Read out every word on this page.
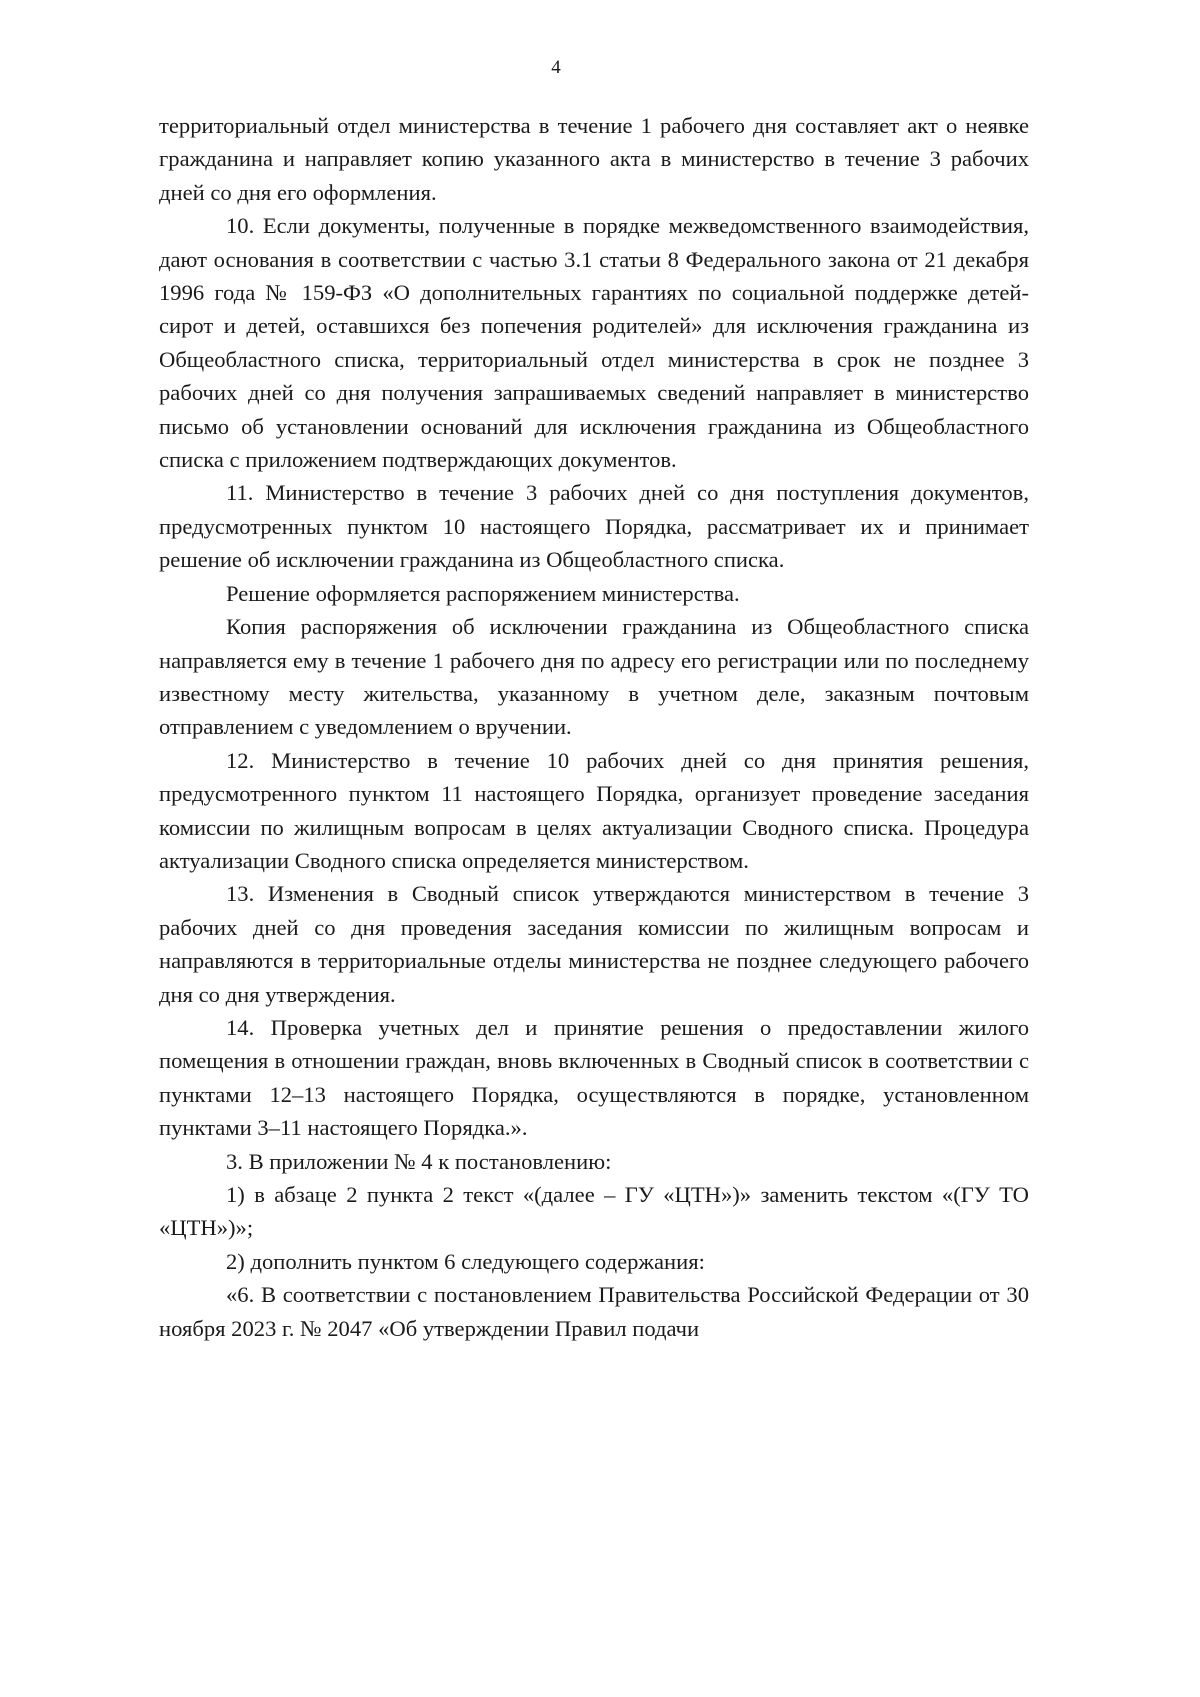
4

территориальный отдел министерства в течение 1 рабочего дня составляет акт о неявке гражданина и направляет копию указанного акта в министерство в течение 3 рабочих дней со дня его оформления.

10. Если документы, полученные в порядке межведомственного взаимодействия, дают основания в соответствии с частью 3.1 статьи 8 Федерального закона от 21 декабря 1996 года № 159-ФЗ «О дополнительных гарантиях по социальной поддержке детей-сирот и детей, оставшихся без попечения родителей» для исключения гражданина из Общеобластного списка, территориальный отдел министерства в срок не позднее 3 рабочих дней со дня получения запрашиваемых сведений направляет в министерство письмо об установлении оснований для исключения гражданина из Общеобластного списка с приложением подтверждающих документов.

11. Министерство в течение 3 рабочих дней со дня поступления документов, предусмотренных пунктом 10 настоящего Порядка, рассматривает их и принимает решение об исключении гражданина из Общеобластного списка.

Решение оформляется распоряжением министерства.

Копия распоряжения об исключении гражданина из Общеобластного списка направляется ему в течение 1 рабочего дня по адресу его регистрации или по последнему известному месту жительства, указанному в учетном деле, заказным почтовым отправлением с уведомлением о вручении.

12. Министерство в течение 10 рабочих дней со дня принятия решения, предусмотренного пунктом 11 настоящего Порядка, организует проведение заседания комиссии по жилищным вопросам в целях актуализации Сводного списка. Процедура актуализации Сводного списка определяется министерством.

13. Изменения в Сводный список утверждаются министерством в течение 3 рабочих дней со дня проведения заседания комиссии по жилищным вопросам и направляются в территориальные отделы министерства не позднее следующего рабочего дня со дня утверждения.

14. Проверка учетных дел и принятие решения о предоставлении жилого помещения в отношении граждан, вновь включенных в Сводный список в соответствии с пунктами 12–13 настоящего Порядка, осуществляются в порядке, установленном пунктами 3–11 настоящего Порядка.».

3. В приложении № 4 к постановлению:

1) в абзаце 2 пункта 2 текст «(далее – ГУ «ЦТН»)» заменить текстом «(ГУ ТО «ЦТН»)»;

2) дополнить пунктом 6 следующего содержания:

«6. В соответствии с постановлением Правительства Российской Федерации от 30 ноября 2023 г. № 2047 «Об утверждении Правил подачи
